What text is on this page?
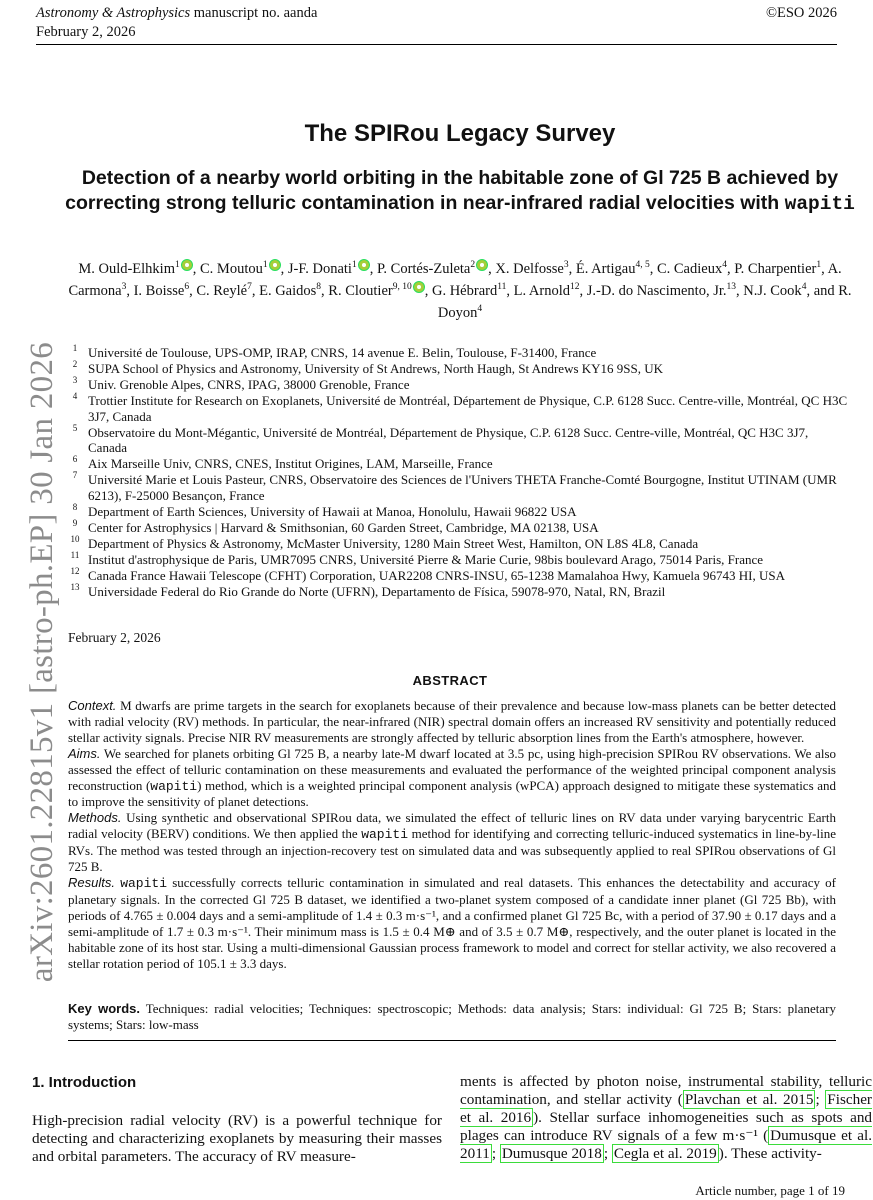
Astronomy & Astrophysics manuscript no. aanda
February 2, 2026
©ESO 2026
arXiv:2601.22815v1 [astro-ph.EP] 30 Jan 2026
The SPIRou Legacy Survey
Detection of a nearby world orbiting in the habitable zone of Gl 725 B achieved by correcting strong telluric contamination in near-infrared radial velocities with wapiti
M. Ould-Elhkim$^1$ , C. Moutou$^1$ , J-F. Donati$^1$ , P. Cortés-Zuleta$^2$ , X. Delfosse$^3$, É. Artigau$^{4, 5}$, C. Cadieux$^4$, P. Charpentier$^1$, A. Carmona$^3$, I. Boisse$^6$, C. Reylé$^7$, E. Gaidos$^8$, R. Cloutier$^{9, 10}$ , G. Hébrard$^{11}$, L. Arnold$^{12}$, J.-D. do Nascimento, Jr.$^{13}$, N.J. Cook$^4$, and R. Doyon$^4$
1 Université de Toulouse, UPS-OMP, IRAP, CNRS, 14 avenue E. Belin, Toulouse, F-31400, France
2 SUPA School of Physics and Astronomy, University of St Andrews, North Haugh, St Andrews KY16 9SS, UK
3 Univ. Grenoble Alpes, CNRS, IPAG, 38000 Grenoble, France
4 Trottier Institute for Research on Exoplanets, Université de Montréal, Département de Physique, C.P. 6128 Succ. Centre-ville, Montréal, QC H3C 3J7, Canada
5 Observatoire du Mont-Mégantic, Université de Montréal, Département de Physique, C.P. 6128 Succ. Centre-ville, Montréal, QC H3C 3J7, Canada
6 Aix Marseille Univ, CNRS, CNES, Institut Origines, LAM, Marseille, France
7 Université Marie et Louis Pasteur, CNRS, Observatoire des Sciences de l'Univers THETA Franche-Comté Bourgogne, Institut UTINAM (UMR 6213), F-25000 Besançon, France
8 Department of Earth Sciences, University of Hawaii at Manoa, Honolulu, Hawaii 96822 USA
9 Center for Astrophysics | Harvard & Smithsonian, 60 Garden Street, Cambridge, MA 02138, USA
10 Department of Physics & Astronomy, McMaster University, 1280 Main Street West, Hamilton, ON L8S 4L8, Canada
11 Institut d'astrophysique de Paris, UMR7095 CNRS, Université Pierre & Marie Curie, 98bis boulevard Arago, 75014 Paris, France
12 Canada France Hawaii Telescope (CFHT) Corporation, UAR2208 CNRS-INSU, 65-1238 Mamalahoa Hwy, Kamuela 96743 HI, USA
13 Universidade Federal do Rio Grande do Norte (UFRN), Departamento de Física, 59078-970, Natal, RN, Brazil
February 2, 2026
ABSTRACT

Context. M dwarfs are prime targets in the search for exoplanets because of their prevalence and because low-mass planets can be better detected with radial velocity (RV) methods. In particular, the near-infrared (NIR) spectral domain offers an increased RV sensitivity and potentially reduced stellar activity signals. Precise NIR RV measurements are strongly affected by telluric absorption lines from the Earth's atmosphere, however.

Aims. We searched for planets orbiting Gl 725 B, a nearby late-M dwarf located at 3.5 pc, using high-precision SPIRou RV observations. We also assessed the effect of telluric contamination on these measurements and evaluated the performance of the weighted principal component analysis reconstruction (wapiti) method, which is a weighted principal component analysis (wPCA) approach designed to mitigate these systematics and to improve the sensitivity of planet detections.

Methods. Using synthetic and observational SPIRou data, we simulated the effect of telluric lines on RV data under varying barycentric Earth radial velocity (BERV) conditions. We then applied the wapiti method for identifying and correcting telluric-induced systematics in line-by-line RVs. The method was tested through an injection-recovery test on simulated data and was subsequently applied to real SPIRou observations of Gl 725 B.

Results. wapiti successfully corrects telluric contamination in simulated and real datasets. This enhances the detectability and accuracy of planetary signals. In the corrected Gl 725 B dataset, we identified a two-planet system composed of a candidate inner planet (Gl 725 Bb), with periods of 4.765 ± 0.004 days and a semi-amplitude of 1.4 ± 0.3 m·s⁻¹, and a confirmed planet Gl 725 Bc, with a period of 37.90 ± 0.17 days and a semi-amplitude of 1.7 ± 0.3 m·s⁻¹. Their minimum mass is 1.5 ± 0.4 M⊕ and of 3.5 ± 0.7 M⊕, respectively, and the outer planet is located in the habitable zone of its host star. Using a multi-dimensional Gaussian process framework to model and correct for stellar activity, we also recovered a stellar rotation period of 105.1 ± 3.3 days.

Key words. Techniques: radial velocities; Techniques: spectroscopic; Methods: data analysis; Stars: individual: Gl 725 B; Stars: planetary systems; Stars: low-mass
1. Introduction
High-precision radial velocity (RV) is a powerful technique for detecting and characterizing exoplanets by measuring their masses and orbital parameters. The accuracy of RV measure-
ments is affected by photon noise, instrumental stability, telluric contamination, and stellar activity ( Plavchan et al. 2015 ; Fischer et al. 2016 ). Stellar surface inhomogeneities such as spots and plages can introduce RV signals of a few m·s⁻¹ ( Dumusque et al. 2011 ; Dumusque 2018 ; Cegla et al. 2019 ). These activity-
Article number, page 1 of 19
